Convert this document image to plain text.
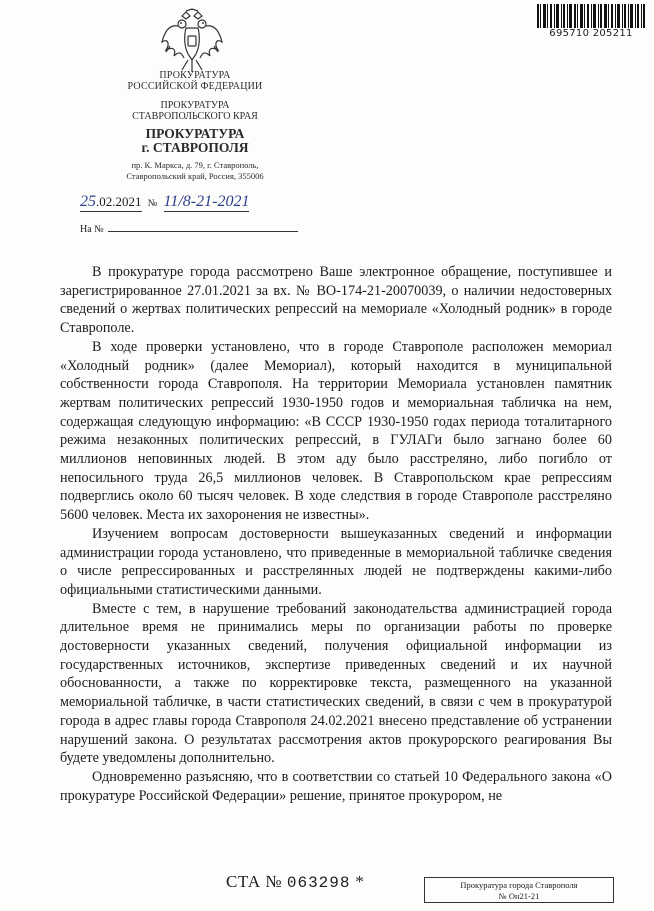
695710 205211
ПРОКУРАТУРА
РОССИЙСКОЙ ФЕДЕРАЦИИ
ПРОКУРАТУРА
СТАВРОПОЛЬСКОГО КРАЯ
ПРОКУРАТУРА
г. СТАВРОПОЛЯ
пр. К. Маркса, д. 79, г. Ставрополь,
Ставропольский край, Россия, 355006
25.02.2021 № 11/8-21-2021
На №

В прокуратуре города рассмотрено Ваше электронное обращение, поступившее и зарегистрированное 27.01.2021 за вх. № ВО-174-21-20070039, о наличии недостоверных сведений о жертвах политических репрессий на мемориале «Холодный родник» в городе Ставрополе.

В ходе проверки установлено, что в городе Ставрополе расположен мемориал «Холодный родник» (далее Мемориал), который находится в муниципальной собственности города Ставрополя. На территории Мемориала установлен памятник жертвам политических репрессий 1930-1950 годов и мемориальная табличка на нем, содержащая следующую информацию: «В СССР 1930-1950 годах периода тоталитарного режима незаконных политических репрессий, в ГУЛАГи было загнано более 60 миллионов неповинных людей. В этом аду было расстреляно, либо погибло от непосильного труда 26,5 миллионов человек. В Ставропольском крае репрессиям подверглись около 60 тысяч человек. В ходе следствия в городе Ставрополе расстреляно 5600 человек. Места их захоронения не известны».

Изучением вопросам достоверности вышеуказанных сведений и информации администрации города установлено, что приведенные в мемориальной табличке сведения о числе репрессированных и расстрелянных людей не подтверждены какими-либо официальными статистическими данными.

Вместе с тем, в нарушение требований законодательства администрацией города длительное время не принимались меры по организации работы по проверке достоверности указанных сведений, получения официальной информации из государственных источников, экспертизе приведенных сведений и их научной обоснованности, а также по корректировке текста, размещенного на указанной мемориальной табличке, в части статистических сведений, в связи с чем в прокуратурой города в адрес главы города Ставрополя 24.02.2021 внесено представление об устранении нарушений закона. О результатах рассмотрения актов прокурорского реагирования Вы будете уведомлены дополнительно.

Одновременно разъясняю, что в соответствии со статьей 10 Федерального закона «О прокуратуре Российской Федерации» решение, принятое прокурором, не

СТА № 063298 *	Прокуратура города Ставрополя
№ Он21-21
